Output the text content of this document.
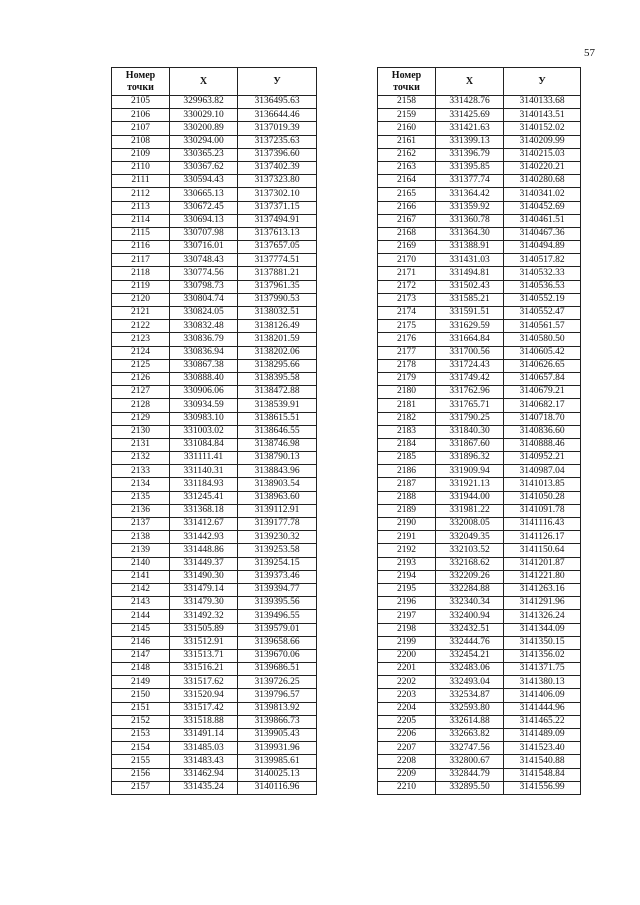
57
Номер точки	X	У
2105	329963.82	3136495.63
2106	330029.10	3136644.46
2107	330200.89	3137019.39
2108	330294.00	3137235.63
2109	330365.23	3137396.60
2110	330367.62	3137402.39
2111	330594.43	3137323.80
2112	330665.13	3137302.10
2113	330672.45	3137371.15
2114	330694.13	3137494.91
2115	330707.98	3137613.13
2116	330716.01	3137657.05
2117	330748.43	3137774.51
2118	330774.56	3137881.21
2119	330798.73	3137961.35
2120	330804.74	3137990.53
2121	330824.05	3138032.51
2122	330832.48	3138126.49
2123	330836.79	3138201.59
2124	330836.94	3138202.06
2125	330867.38	3138295.66
2126	330888.40	3138395.58
2127	330906.06	3138472.88
2128	330934.59	3138539.91
2129	330983.10	3138615.51
2130	331003.02	3138646.55
2131	331084.84	3138746.98
2132	331111.41	3138790.13
2133	331140.31	3138843.96
2134	331184.93	3138903.54
2135	331245.41	3138963.60
2136	331368.18	3139112.91
2137	331412.67	3139177.78
2138	331442.93	3139230.32
2139	331448.86	3139253.58
2140	331449.37	3139254.15
2141	331490.30	3139373.46
2142	331479.14	3139394.77
2143	331479.30	3139395.56
2144	331492.32	3139496.55
2145	331505.89	3139579.01
2146	331512.91	3139658.66
2147	331513.71	3139670.06
2148	331516.21	3139686.51
2149	331517.62	3139726.25
2150	331520.94	3139796.57
2151	331517.42	3139813.92
2152	331518.88	3139866.73
2153	331491.14	3139905.43
2154	331485.03	3139931.96
2155	331483.43	3139985.61
2156	331462.94	3140025.13
2157	331435.24	3140116.96
Номер точки	X	У
2158	331428.76	3140133.68
2159	331425.69	3140143.51
2160	331421.63	3140152.02
2161	331399.13	3140209.99
2162	331396.79	3140215.03
2163	331395.85	3140220.21
2164	331377.74	3140280.68
2165	331364.42	3140341.02
2166	331359.92	3140452.69
2167	331360.78	3140461.51
2168	331364.30	3140467.36
2169	331388.91	3140494.89
2170	331431.03	3140517.82
2171	331494.81	3140532.33
2172	331502.43	3140536.53
2173	331585.21	3140552.19
2174	331591.51	3140552.47
2175	331629.59	3140561.57
2176	331664.84	3140580.50
2177	331700.56	3140605.42
2178	331724.43	3140626.65
2179	331749.42	3140657.84
2180	331762.96	3140679.21
2181	331765.71	3140682.17
2182	331790.25	3140718.70
2183	331840.30	3140836.60
2184	331867.60	3140888.46
2185	331896.32	3140952.21
2186	331909.94	3140987.04
2187	331921.13	3141013.85
2188	331944.00	3141050.28
2189	331981.22	3141091.78
2190	332008.05	3141116.43
2191	332049.35	3141126.17
2192	332103.52	3141150.64
2193	332168.62	3141201.87
2194	332209.26	3141221.80
2195	332284.88	3141263.16
2196	332340.34	3141291.96
2197	332400.94	3141326.24
2198	332432.51	3141344.09
2199	332444.76	3141350.15
2200	332454.21	3141356.02
2201	332483.06	3141371.75
2202	332493.04	3141380.13
2203	332534.87	3141406.09
2204	332593.80	3141444.96
2205	332614.88	3141465.22
2206	332663.82	3141489.09
2207	332747.56	3141523.40
2208	332800.67	3141540.88
2209	332844.79	3141548.84
2210	332895.50	3141556.99
